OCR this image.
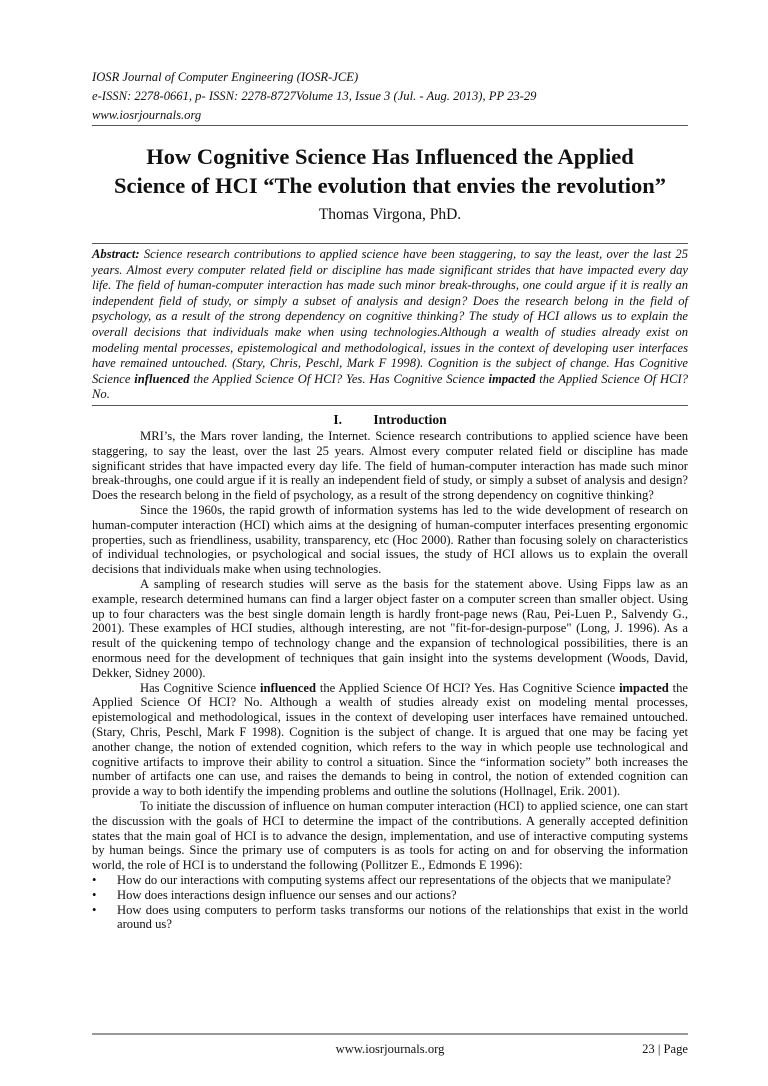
IOSR Journal of Computer Engineering (IOSR-JCE)
e-ISSN: 2278-0661, p- ISSN: 2278-8727Volume 13, Issue 3 (Jul. - Aug. 2013), PP 23-29
www.iosrjournals.org
How Cognitive Science Has Influenced the Applied
Science of HCI “The evolution that envies the revolution”
Thomas Virgona, PhD.
Abstract: Science research contributions to applied science have been staggering, to say the least, over the last 25 years. Almost every computer related field or discipline has made significant strides that have impacted every day life. The field of human-computer interaction has made such minor break-throughs, one could argue if it is really an independent field of study, or simply a subset of analysis and design? Does the research belong in the field of psychology, as a result of the strong dependency on cognitive thinking? The study of HCI allows us to explain the overall decisions that individuals make when using technologies.Although a wealth of studies already exist on modeling mental processes, epistemological and methodological, issues in the context of developing user interfaces have remained untouched. (Stary, Chris, Peschl, Mark F 1998). Cognition is the subject of change. Has Cognitive Science influenced the Applied Science Of HCI? Yes. Has Cognitive Science impacted the Applied Science Of HCI? No.
I. Introduction

MRI’s, the Mars rover landing, the Internet. Science research contributions to applied science have been staggering, to say the least, over the last 25 years. Almost every computer related field or discipline has made significant strides that have impacted every day life. The field of human-computer interaction has made such minor break-throughs, one could argue if it is really an independent field of study, or simply a subset of analysis and design? Does the research belong in the field of psychology, as a result of the strong dependency on cognitive thinking?

Since the 1960s, the rapid growth of information systems has led to the wide development of research on human-computer interaction (HCI) which aims at the designing of human-computer interfaces presenting ergonomic properties, such as friendliness, usability, transparency, etc (Hoc 2000). Rather than focusing solely on characteristics of individual technologies, or psychological and social issues, the study of HCI allows us to explain the overall decisions that individuals make when using technologies.

A sampling of research studies will serve as the basis for the statement above. Using Fipps law as an example, research determined humans can find a larger object faster on a computer screen than smaller object. Using up to four characters was the best single domain length is hardly front-page news (Rau, Pei-Luen P., Salvendy G., 2001). These examples of HCI studies, although interesting, are not "fit-for-design-purpose" (Long, J. 1996). As a result of the quickening tempo of technology change and the expansion of technological possibilities, there is an enormous need for the development of techniques that gain insight into the systems development (Woods, David, Dekker, Sidney 2000).

Has Cognitive Science influenced the Applied Science Of HCI? Yes. Has Cognitive Science impacted the Applied Science Of HCI? No. Although a wealth of studies already exist on modeling mental processes, epistemological and methodological, issues in the context of developing user interfaces have remained untouched. (Stary, Chris, Peschl, Mark F 1998). Cognition is the subject of change. It is argued that one may be facing yet another change, the notion of extended cognition, which refers to the way in which people use technological and cognitive artifacts to improve their ability to control a situation. Since the “information society” both increases the number of artifacts one can use, and raises the demands to being in control, the notion of extended cognition can provide a way to both identify the impending problems and outline the solutions (Hollnagel, Erik. 2001).

To initiate the discussion of influence on human computer interaction (HCI) to applied science, one can start the discussion with the goals of HCI to determine the impact of the contributions. A generally accepted definition states that the main goal of HCI is to advance the design, implementation, and use of interactive computing systems by human beings. Since the primary use of computers is as tools for acting on and for observing the information world, the role of HCI is to understand the following (Pollitzer E., Edmonds E 1996):

• How do our interactions with computing systems affect our representations of the objects that we manipulate?
• How does interactions design influence our senses and our actions?
• How does using computers to perform tasks transforms our notions of the relationships that exist in the world around us?
www.iosrjournals.org	23 | Page
